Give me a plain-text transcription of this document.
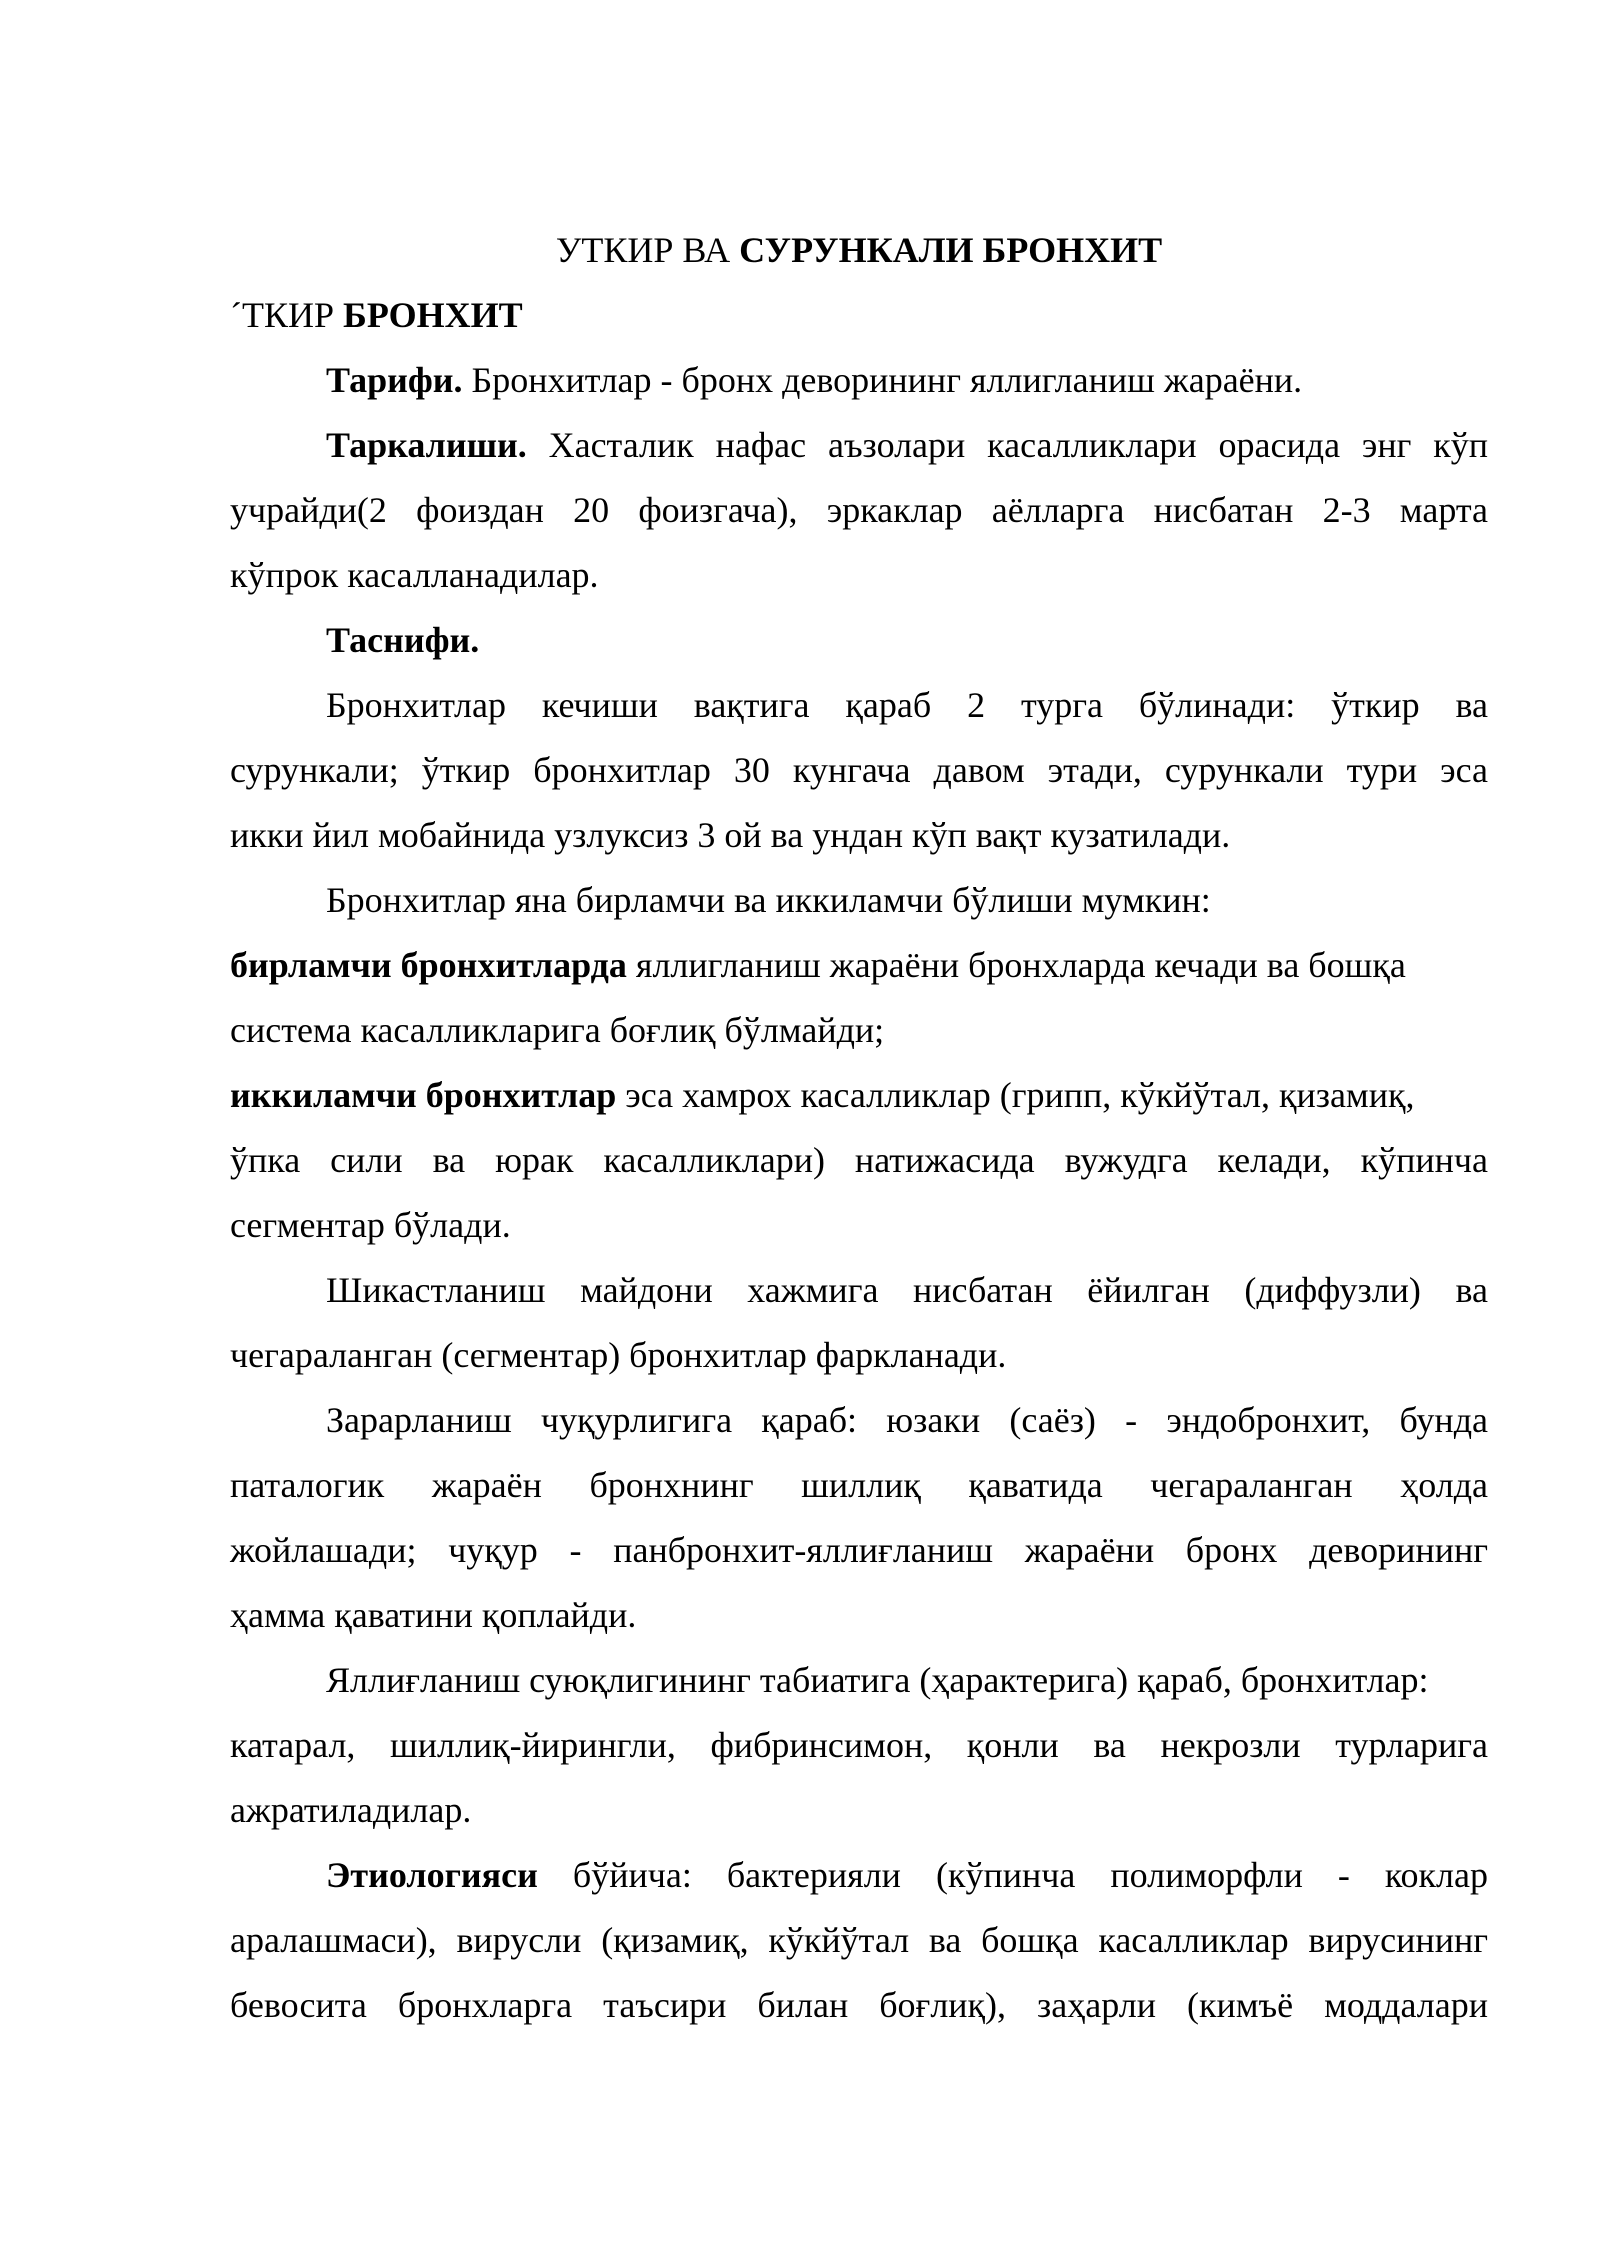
УТКИР ВА СУРУНКАЛИ БРОНХИТ
´ТКИР БРОНХИТ
Тарифи. Бронхитлар - бронх деворининг яллигланиш жараёни.
Таркалиши. Хасталик нафас аъзолари касалликлари орасида энг кўп
учрайди(2 фоиздан 20 фоизгача), эркаклар аёлларга нисбатан 2-3 марта
кўпрок касалланадилар.
Таснифи.
Бронхитлар кечиши вақтига қараб 2 турга бўлинади: ўткир ва
сурункали; ўткир бронхитлар 30 кунгача давом этади, сурункали тури эса
икки йил мобайнида узлуксиз 3 ой ва ундан кўп вақт кузатилади.
Бронхитлар яна бирламчи ва иккиламчи бўлиши мумкин:
бирламчи бронхитларда яллигланиш жараёни бронхларда кечади ва бошқа
система касалликларига боғлиқ бўлмайди;
иккиламчи бронхитлар эса хамрох касалликлар (грипп, кўкйўтал, қизамиқ,
ўпка сили ва юрак касалликлари) натижасида вужудга келади, кўпинча
сегментар бўлади.
Шикастланиш майдони хажмига нисбатан ёйилган (диффузли) ва
чегараланган (сегментар) бронхитлар фаркланади.
Зарарланиш чуқурлигига қараб: юзаки (саёз) - эндобронхит, бунда
паталогик жараён бронхнинг шиллиқ қаватида чегараланган ҳолда
жойлашади; чуқур - панбронхит-яллиғланиш жараёни бронх деворининг
ҳамма қаватини қоплайди.
Яллиғланиш суюқлигининг табиатига (ҳарактерига) қараб, бронхитлар:
катарал, шиллиқ-йирингли, фибринсимон, қонли ва некрозли турларига
ажратиладилар.
Этиологияси бўйича: бактерияли (кўпинча полиморфли - коклар
аралашмаси), вирусли (қизамиқ, кўкйўтал ва бошқа касалликлар вирусининг
бевосита бронхларга таъсири билан боғлиқ), заҳарли (кимъё моддалари
